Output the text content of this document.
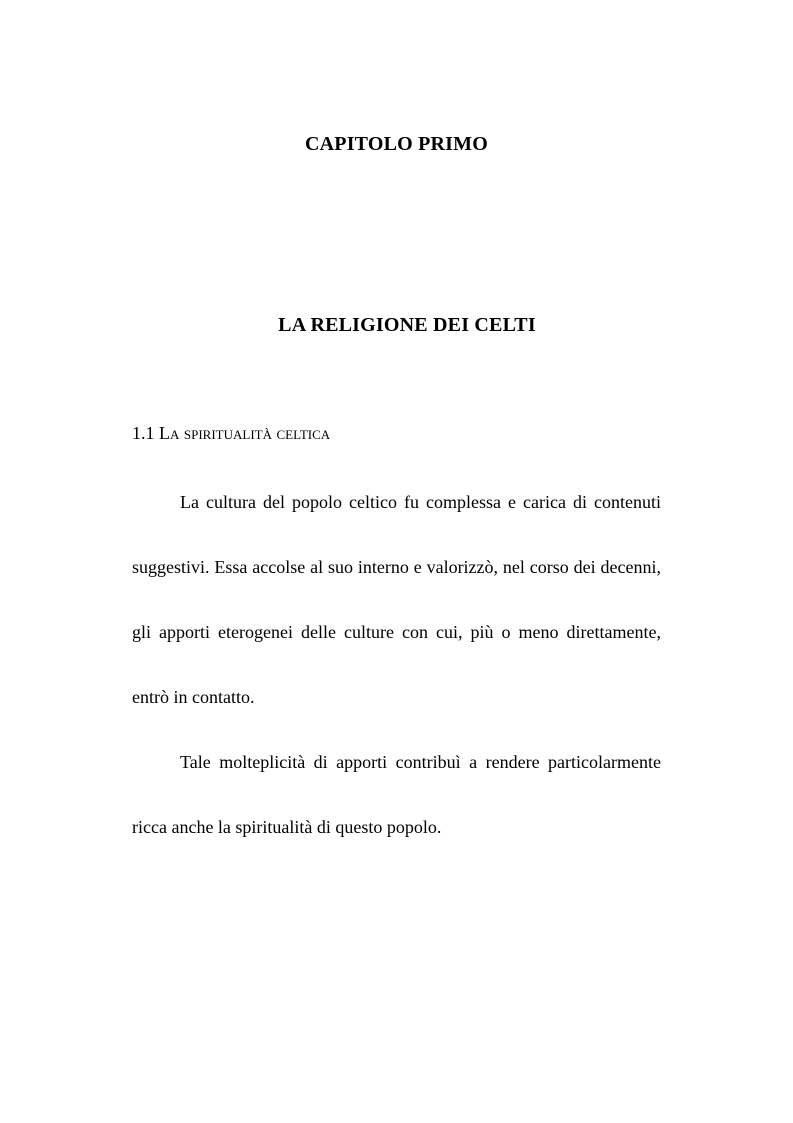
CAPITOLO PRIMO
LA RELIGIONE DEI CELTI
1.1 La spiritualità celtica

La cultura del popolo celtico fu complessa e carica di contenuti suggestivi. Essa accolse al suo interno e valorizzò, nel corso dei decenni, gli apporti eterogenei delle culture con cui, più o meno direttamente, entrò in contatto.

Tale molteplicità di apporti contribuì a rendere particolarmente ricca anche la spiritualità di questo popolo.
